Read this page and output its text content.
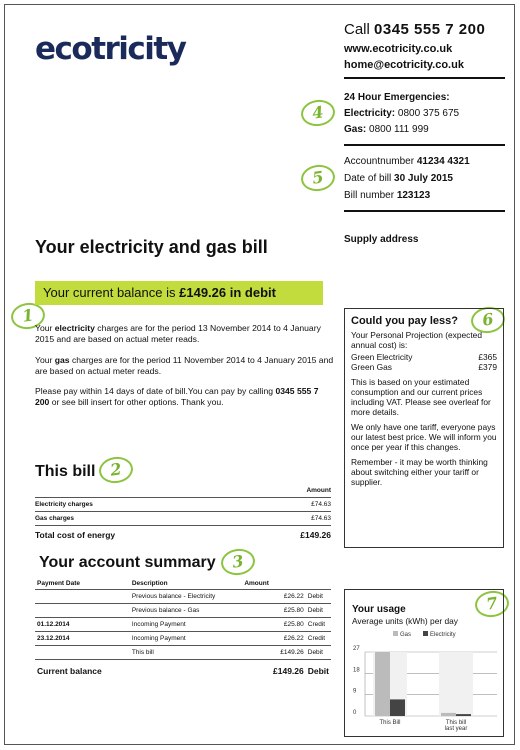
ecotricity
Call 0345 555 7 200
www.ecotricity.co.uk
home@ecotricity.co.uk
24 Hour Emergencies:
Electricity: 0800 375 675
Gas: 0800 111 999
Accountnumber 41234 4321
Date of bill 30 July 2015
Bill number 123123
Supply address
4
5
1
2
3
6
7
Your electricity and gas bill
Your current balance is £149.26 in debit
Your electricity charges are for the period 13 November 2014 to 4 January 2015 and are based on actual meter reads.
Your gas charges are for the period 11 November 2014 to 4 January 2015 and are based on actual meter reads.
Please pay within 14 days of date of bill.You can pay by calling 0345 555 7 200 or see bill insert for other options. Thank you.
This bill
	Amount
Electricity charges	£74.63
Gas charges	£74.63
Total cost of energy	£149.26
Your account summary
Payment Date	Description	Amount	
	Previous balance - Electricity	£26.22	Debit
	Previous balance - Gas	£25.80	Debit
01.12.2014	Incoming Payment	£25.80	Credit
23.12.2014	Incoming Payment	£26.22	Credit
	This bill	£149.26	Debit
Current balance		£149.26	Debit
Could you pay less?

Your Personal Projection (expected annual cost) is:

Green Electricity	£365
Green Gas	£379

This is based on your estimated consumption and our current prices including VAT. Please see overleaf for more details.

We only have one tariff, everyone pays our latest best price. We will inform you once per year if this changes.

Remember - it may be worth thinking about switching either your tariff or supplier.

Your usage
Average units (kWh) per day
Gas	Electricity
0
9
18
27
This Bill	This bill last year
